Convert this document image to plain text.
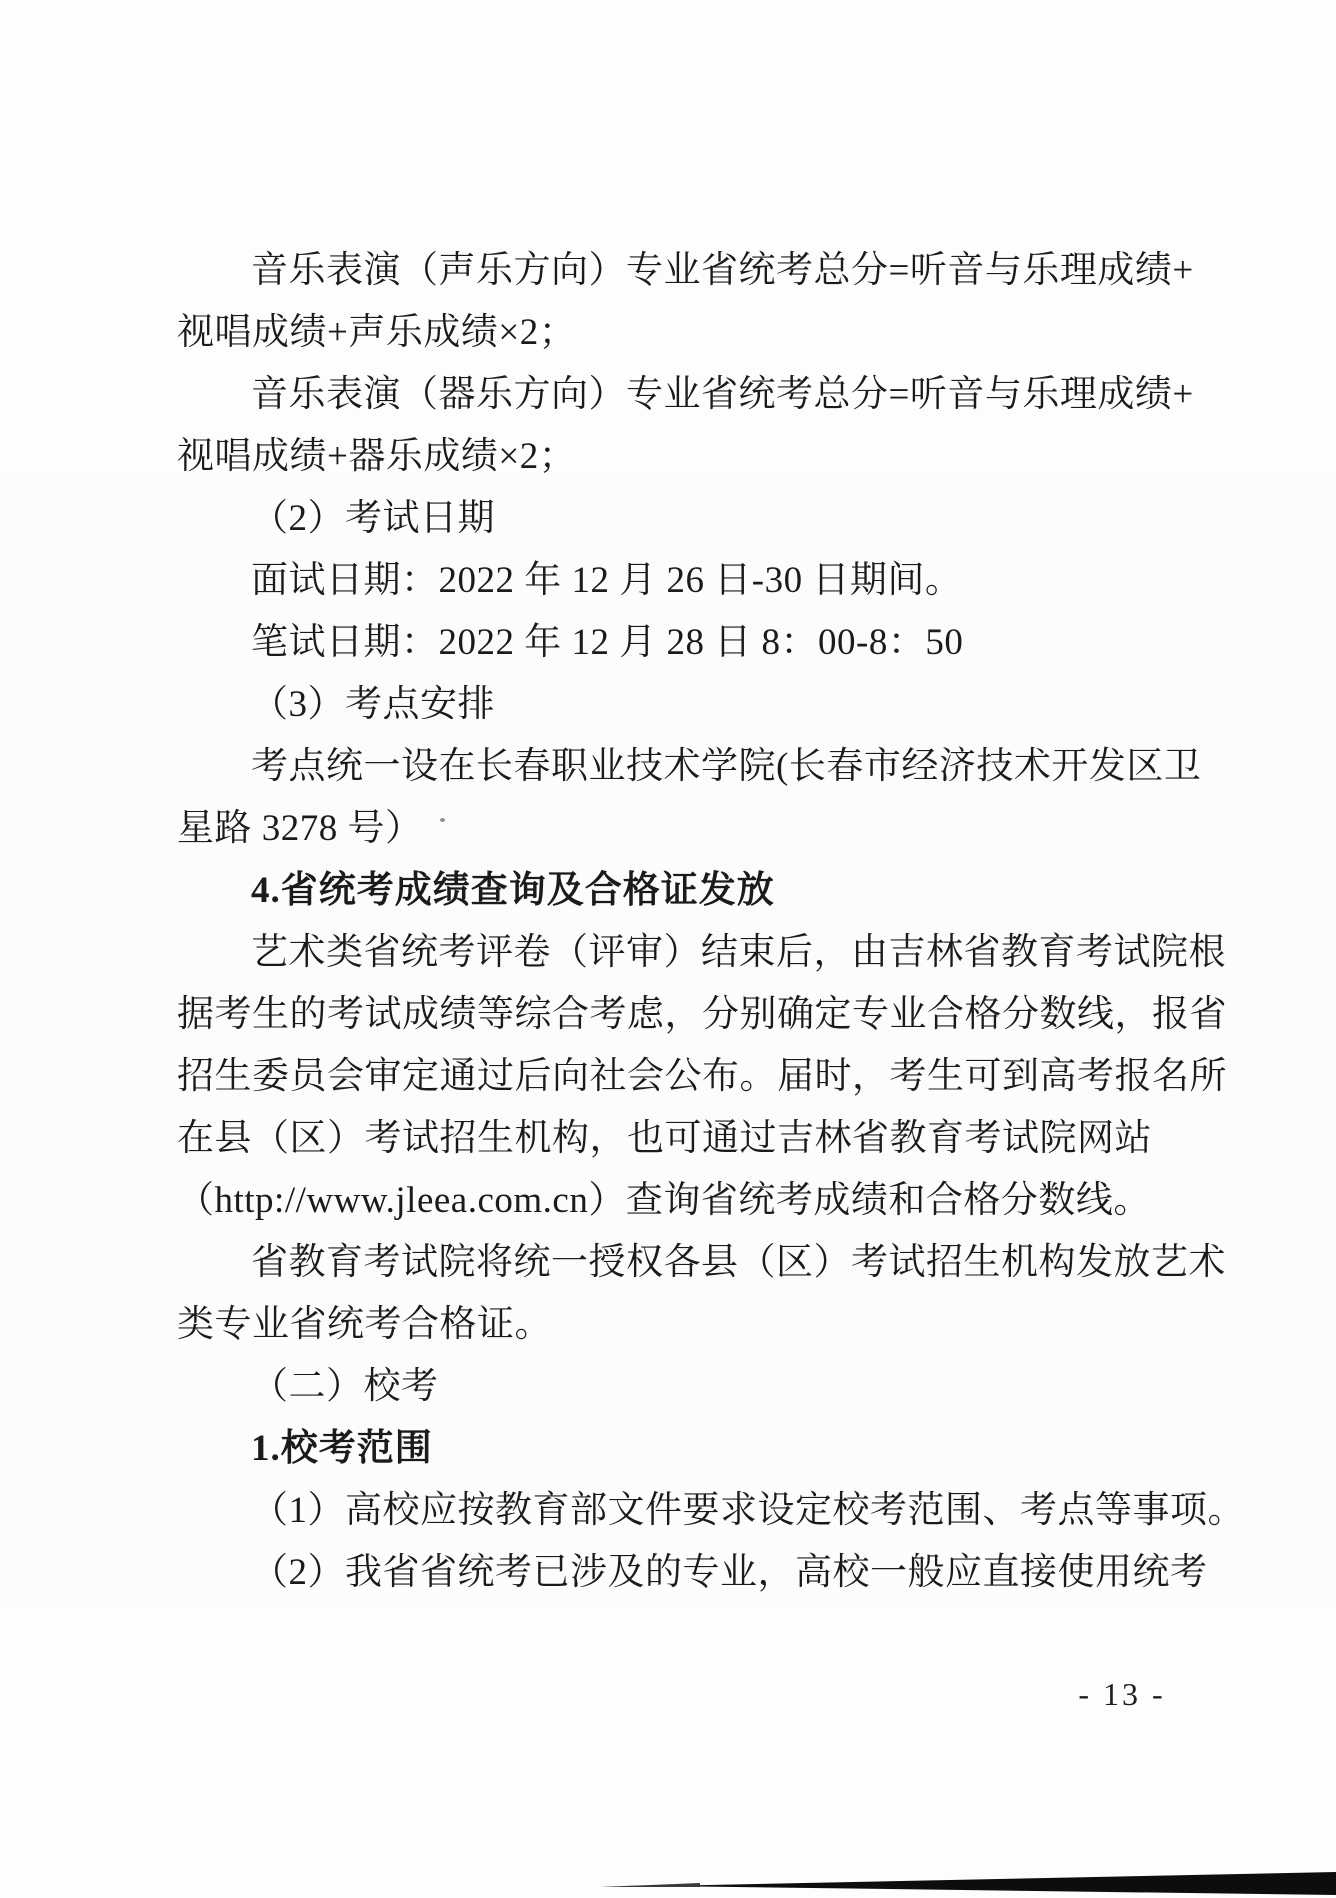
音乐表演（声乐方向）专业省统考总分=听音与乐理成绩+
视唱成绩+声乐成绩×2；
音乐表演（器乐方向）专业省统考总分=听音与乐理成绩+
视唱成绩+器乐成绩×2；
（2）考试日期
面试日期：2022 年 12 月 26 日-30 日期间。
笔试日期：2022 年 12 月 28 日 8：00-8：50
（3）考点安排
考点统一设在长春职业技术学院(长春市经济技术开发区卫
星路 3278 号）
4.省统考成绩查询及合格证发放
艺术类省统考评卷（评审）结束后，由吉林省教育考试院根
据考生的考试成绩等综合考虑，分别确定专业合格分数线，报省
招生委员会审定通过后向社会公布。届时，考生可到高考报名所
在县（区）考试招生机构，也可通过吉林省教育考试院网站
（http://www.jleea.com.cn）查询省统考成绩和合格分数线。
省教育考试院将统一授权各县（区）考试招生机构发放艺术
类专业省统考合格证。
（二）校考
1.校考范围
（1）高校应按教育部文件要求设定校考范围、考点等事项。
（2）我省省统考已涉及的专业，高校一般应直接使用统考
- 13 -
